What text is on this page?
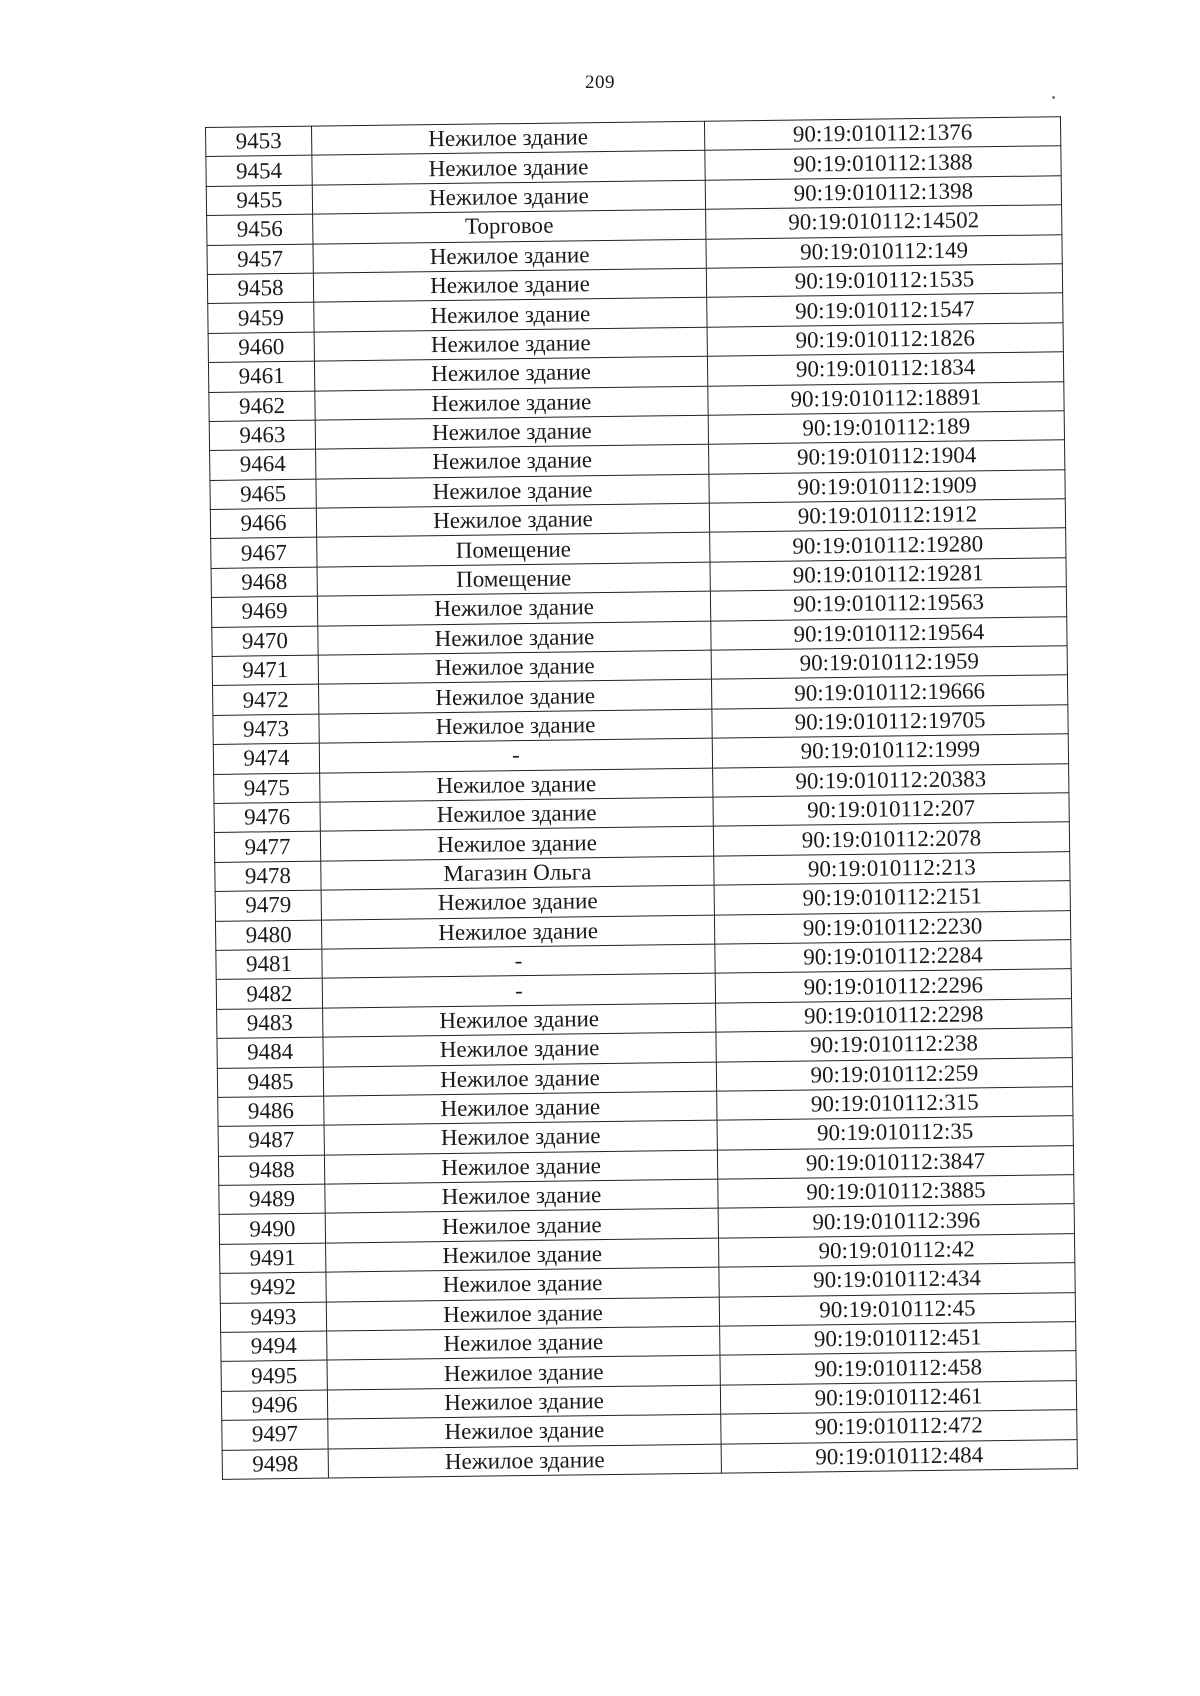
209
9453	Нежилое здание	90:19:010112:1376
9454	Нежилое здание	90:19:010112:1388
9455	Нежилое здание	90:19:010112:1398
9456	Торговое	90:19:010112:14502
9457	Нежилое здание	90:19:010112:149
9458	Нежилое здание	90:19:010112:1535
9459	Нежилое здание	90:19:010112:1547
9460	Нежилое здание	90:19:010112:1826
9461	Нежилое здание	90:19:010112:1834
9462	Нежилое здание	90:19:010112:18891
9463	Нежилое здание	90:19:010112:189
9464	Нежилое здание	90:19:010112:1904
9465	Нежилое здание	90:19:010112:1909
9466	Нежилое здание	90:19:010112:1912
9467	Помещение	90:19:010112:19280
9468	Помещение	90:19:010112:19281
9469	Нежилое здание	90:19:010112:19563
9470	Нежилое здание	90:19:010112:19564
9471	Нежилое здание	90:19:010112:1959
9472	Нежилое здание	90:19:010112:19666
9473	Нежилое здание	90:19:010112:19705
9474	-	90:19:010112:1999
9475	Нежилое здание	90:19:010112:20383
9476	Нежилое здание	90:19:010112:207
9477	Нежилое здание	90:19:010112:2078
9478	Магазин Ольга	90:19:010112:213
9479	Нежилое здание	90:19:010112:2151
9480	Нежилое здание	90:19:010112:2230
9481	-	90:19:010112:2284
9482	-	90:19:010112:2296
9483	Нежилое здание	90:19:010112:2298
9484	Нежилое здание	90:19:010112:238
9485	Нежилое здание	90:19:010112:259
9486	Нежилое здание	90:19:010112:315
9487	Нежилое здание	90:19:010112:35
9488	Нежилое здание	90:19:010112:3847
9489	Нежилое здание	90:19:010112:3885
9490	Нежилое здание	90:19:010112:396
9491	Нежилое здание	90:19:010112:42
9492	Нежилое здание	90:19:010112:434
9493	Нежилое здание	90:19:010112:45
9494	Нежилое здание	90:19:010112:451
9495	Нежилое здание	90:19:010112:458
9496	Нежилое здание	90:19:010112:461
9497	Нежилое здание	90:19:010112:472
9498	Нежилое здание	90:19:010112:484
